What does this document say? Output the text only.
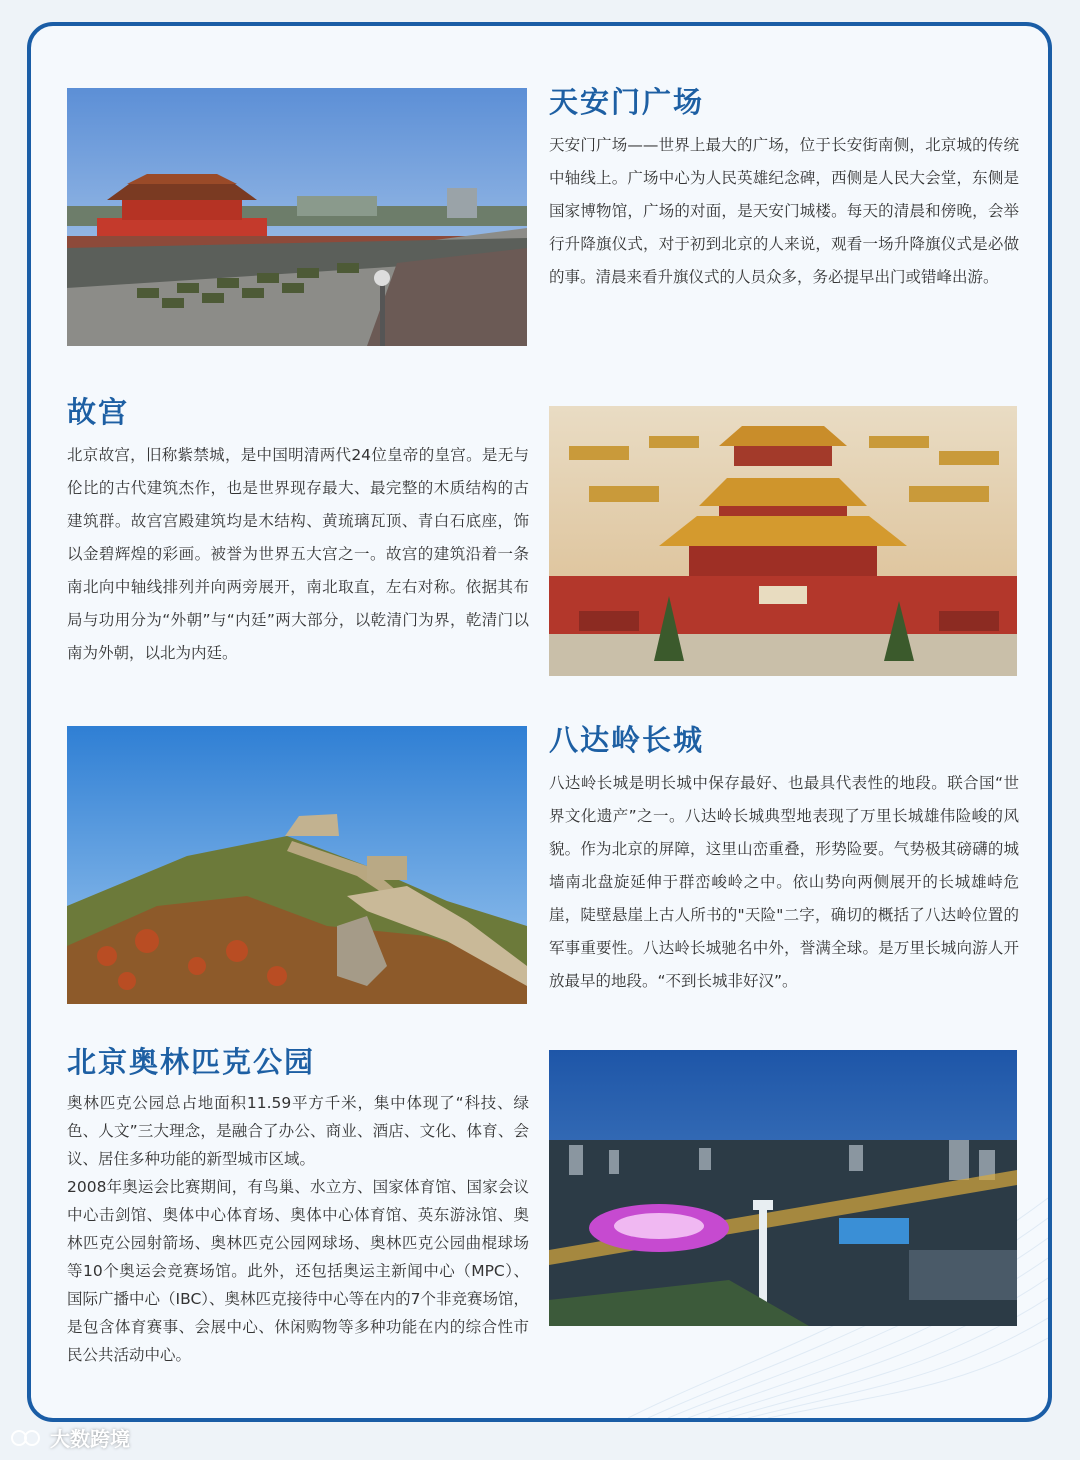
天安门广场

天安门广场——世界上最大的广场，位于长安街南侧，北京城的传统中轴线上。广场中心为人民英雄纪念碑，西侧是人民大会堂，东侧是国家博物馆，广场的对面，是天安门城楼。每天的清晨和傍晚，会举行升降旗仪式，对于初到北京的人来说，观看一场升降旗仪式是必做的事。清晨来看升旗仪式的人员众多，务必提早出门或错峰出游。

故宫

北京故宫，旧称紫禁城，是中国明清两代24位皇帝的皇宫。是无与伦比的古代建筑杰作，也是世界现存最大、最完整的木质结构的古建筑群。故宫宫殿建筑均是木结构、黄琉璃瓦顶、青白石底座，饰以金碧辉煌的彩画。被誉为世界五大宫之一。故宫的建筑沿着一条南北向中轴线排列并向两旁展开，南北取直，左右对称。依据其布局与功用分为“外朝”与“内廷”两大部分，以乾清门为界，乾清门以南为外朝，以北为内廷。

八达岭长城

八达岭长城是明长城中保存最好、也最具代表性的地段。联合国“世界文化遗产”之一。八达岭长城典型地表现了万里长城雄伟险峻的风貌。作为北京的屏障，这里山峦重叠，形势险要。气势极其磅礴的城墙南北盘旋延伸于群峦峻岭之中。依山势向两侧展开的长城雄峙危崖，陡壁悬崖上古人所书的"天险"二字，确切的概括了八达岭位置的军事重要性。八达岭长城驰名中外，誉满全球。是万里长城向游人开放最早的地段。“不到长城非好汉”。

北京奥林匹克公园

奥林匹克公园总占地面积11.59平方千米，集中体现了“科技、绿色、人文”三大理念，是融合了办公、商业、酒店、文化、体育、会议、居住多种功能的新型城市区域。

2008年奥运会比赛期间，有鸟巢、水立方、国家体育馆、国家会议中心击剑馆、奥体中心体育场、奥体中心体育馆、英东游泳馆、奥林匹克公园射箭场、奥林匹克公园网球场、奥林匹克公园曲棍球场等10个奥运会竞赛场馆。此外，还包括奥运主新闻中心（MPC）、国际广播中心（IBC）、奥林匹克接待中心等在内的7个非竞赛场馆，是包含体育赛事、会展中心、休闲购物等多种功能在内的综合性市民公共活动中心。

大数跨境
